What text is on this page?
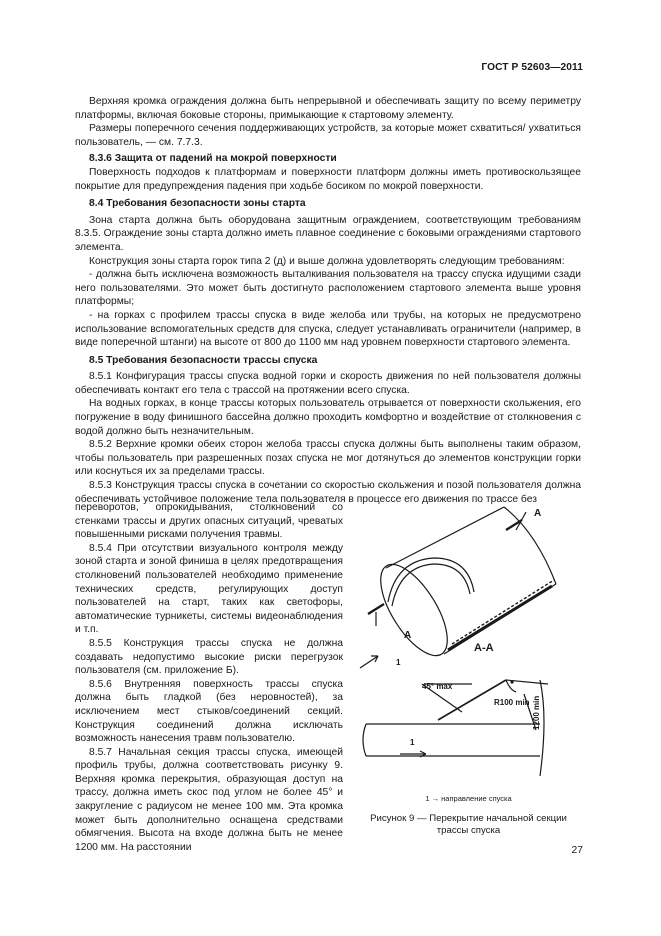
ГОСТ Р 52603—2011

Верхняя кромка ограждения должна быть непрерывной и обеспечивать защиту по всему периметру платформы, включая боковые стороны, примыкающие к стартовому элементу.

Размеры поперечного сечения поддерживающих устройств, за которые может схватиться/ ухватиться пользователь, — см. 7.7.3.

8.3.6 Защита от падений на мокрой поверхности

Поверхность подходов к платформам и поверхности платформ должны иметь противоскользящее покрытие для предупреждения падения при ходьбе босиком по мокрой поверхности.

8.4 Требования безопасности зоны старта

Зона старта должна быть оборудована защитным ограждением, соответствующим требованиям 8.3.5. Ограждение зоны старта должно иметь плавное соединение с боковыми ограждениями стартового элемента.

Конструкция зоны старта горок типа 2 (д) и выше должна удовлетворять следующим требованиям:

- должна быть исключена возможность выталкивания пользователя на трассу спуска идущими сзади него пользователями. Это может быть достигнуто расположением стартового элемента выше уровня платформы;

- на горках с профилем трассы спуска в виде желоба или трубы, на которых не предусмотрено использование вспомогательных средств для спуска, следует устанавливать ограничители (например, в виде поперечной штанги) на высоте от 800 до 1100 мм над уровнем поверхности стартового элемента.

8.5 Требования безопасности трассы спуска

8.5.1 Конфигурация трассы спуска водной горки и скорость движения по ней пользователя должны обеспечивать контакт его тела с трассой на протяжении всего спуска.

На водных горках, в конце трассы которых пользователь отрывается от поверхности скольжения, его погружение в воду финишного бассейна должно проходить комфортно и воздействие от столкновения с водой должно быть незначительным.

8.5.2 Верхние кромки обеих сторон желоба трассы спуска должны быть выполнены таким образом, чтобы пользователь при разрешенных позах спуска не мог дотянуться до элементов конструкции горки или коснуться их за пределами трассы.

8.5.3 Конструкция трассы спуска в сочетании со скоростью скольжения и позой пользователя должна обеспечивать устойчивое положение тела пользователя в процессе его движения по трассе без

переворотов, опрокидывания, столкновений со стенками трассы и других опасных ситуаций, чреватых повышенными рисками получения травмы.

8.5.4 При отсутствии визуального контроля между зоной старта и зоной финиша в целях предотвращения столкновений пользователей необходимо применение технических средств, регулирующих доступ пользователей на старт, таких как светофоры, автоматические турникеты, системы видеонаблюдения и т.п.

8.5.5 Конструкция трассы спуска не должна создавать недопустимо высокие риски перегрузок пользователя (см. приложение Б).

8.5.6 Внутренняя поверхность трассы спуска должна быть гладкой (без неровностей), за исключением мест стыков/соединений секций. Конструкция соединений должна исключать возможность нанесения травм пользователю.

8.5.7 Начальная секция трассы спуска, имеющей профиль трубы, должна соответствовать рисунку 9. Верхняя кромка перекрытия, образующая доступ на трассу, должна иметь скос под углом не более 45° и закругление с радиусом не менее 100 мм. Эта кромка может быть дополнительно оснащена средствами обмягчения. Высота на входе должна быть не менее 1200 мм. На расстоянии

А
А
А-А
1
45° max
R100 min 1200 min
1
1 → направление спуска
Рисунок 9 — Перекрытие начальной секции
трассы спуска
27
